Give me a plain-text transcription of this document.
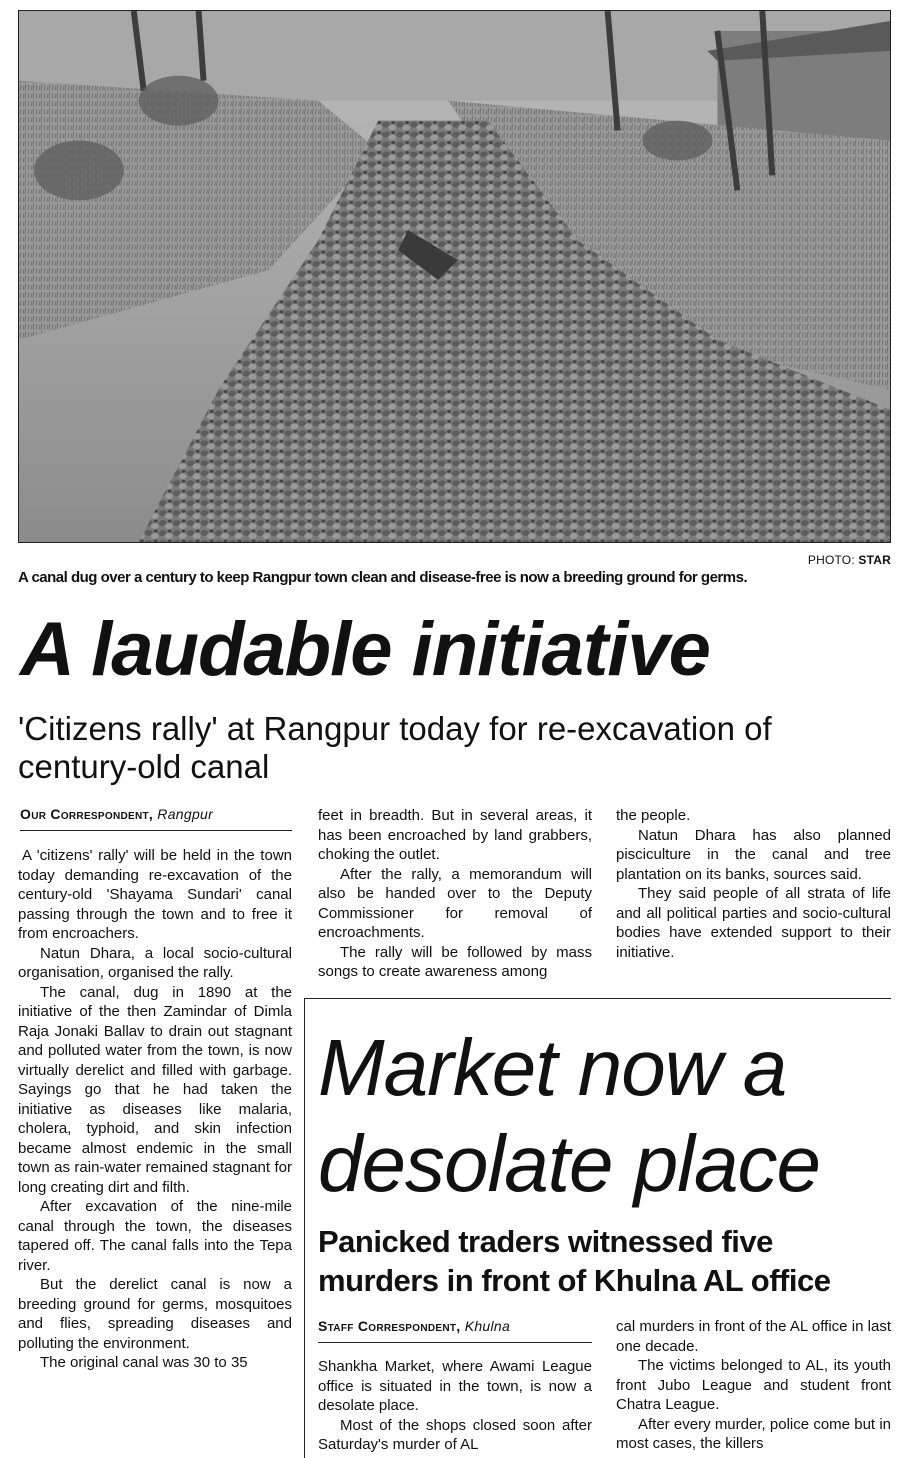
PHOTO: STAR
A canal dug over a century to keep Rangpur town clean and disease-free is now a breeding ground for germs.
A laudable initiative
'Citizens rally' at Rangpur today for re-excavation of century-old canal
Our Correspondent, Rangpur

A 'citizens' rally' will be held in the town today demanding re-excavation of the century-old 'Shayama Sundari' canal passing through the town and to free it from encroachers.

Natun Dhara, a local socio-cultural organisation, organised the rally.

The canal, dug in 1890 at the initiative of the then Zamindar of Dimla Raja Jonaki Ballav to drain out stagnant and polluted water from the town, is now virtually derelict and filled with garbage. Sayings go that he had taken the initiative as diseases like malaria, cholera, typhoid, and skin infection became almost endemic in the small town as rain-water remained stagnant for long creating dirt and filth.

After excavation of the nine-mile canal through the town, the diseases tapered off. The canal falls into the Tepa river.

But the derelict canal is now a breeding ground for germs, mosquitoes and flies, spreading diseases and polluting the environment.

The original canal was 30 to 35

feet in breadth. But in several areas, it has been encroached by land grabbers, choking the outlet.

After the rally, a memorandum will also be handed over to the Deputy Commissioner for removal of encroachments.

The rally will be followed by mass songs to create awareness among

the people.

Natun Dhara has also planned pisciculture in the canal and tree plantation on its banks, sources said.

They said people of all strata of life and all political parties and socio-cultural bodies have extended support to their initiative.

Market now a desolate place
Panicked traders witnessed five murders in front of Khulna AL office
Staff Correspondent, Khulna

Shankha Market, where Awami League office is situated in the town, is now a desolate place.

Most of the shops closed soon after Saturday's murder of AL

cal murders in front of the AL office in last one decade.

The victims belonged to AL, its youth front Jubo League and student front Chatra League.

After every murder, police come but in most cases, the killers
